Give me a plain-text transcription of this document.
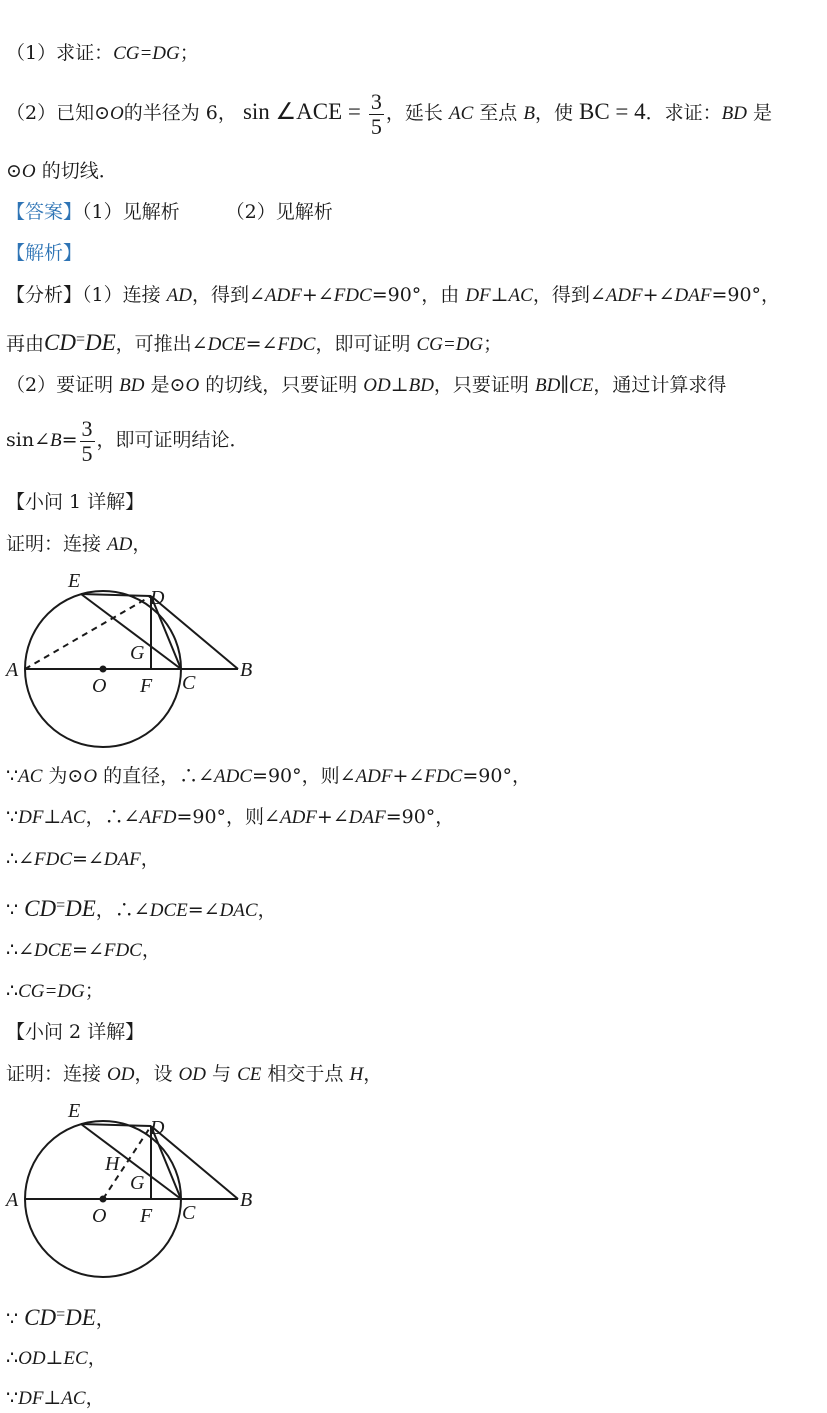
（1）求证：CG=DG；
（2）已知⊙O的半径为 6， sin ∠ACE = $\frac{3}{5}$ ，延长 AC 至点 B，使 BC = 4．求证：BD 是
⊙O 的切线．
【答案】（1）见解析 （2）见解析
【解析】
【分析】（1）连接 AD，得到∠ADF+∠FDC=90°，由 DF⊥AC，得到∠ADF+∠DAF=90°，
再由CD=DE，可推出∠DCE=∠FDC，即可证明 CG=DG；
（2）要证明 BD 是⊙O 的切线，只要证明 OD⊥BD，只要证明 BD∥CE，通过计算求得
sin∠B= $\frac{3}{5}$ ，即可证明结论．
【小问 1 详解】
证明：连接 AD，
E
D
A
O F C
B
G
∵AC 为⊙O 的直径，∴∠ADC=90°，则∠ADF+∠FDC=90°，
∵DF⊥AC，∴∠AFD=90°，则∠ADF+∠DAF=90°，
∴∠FDC=∠DAF，
∵ CD=DE，∴∠DCE=∠DAC，
∴∠DCE=∠FDC，
∴CG=DG；
【小问 2 详解】
证明：连接 OD，设 OD 与 CE 相交于点 H，
E
D
A
O F C
B
G
H
∵ CD=DE，
∴OD⊥EC，
∵DF⊥AC，
